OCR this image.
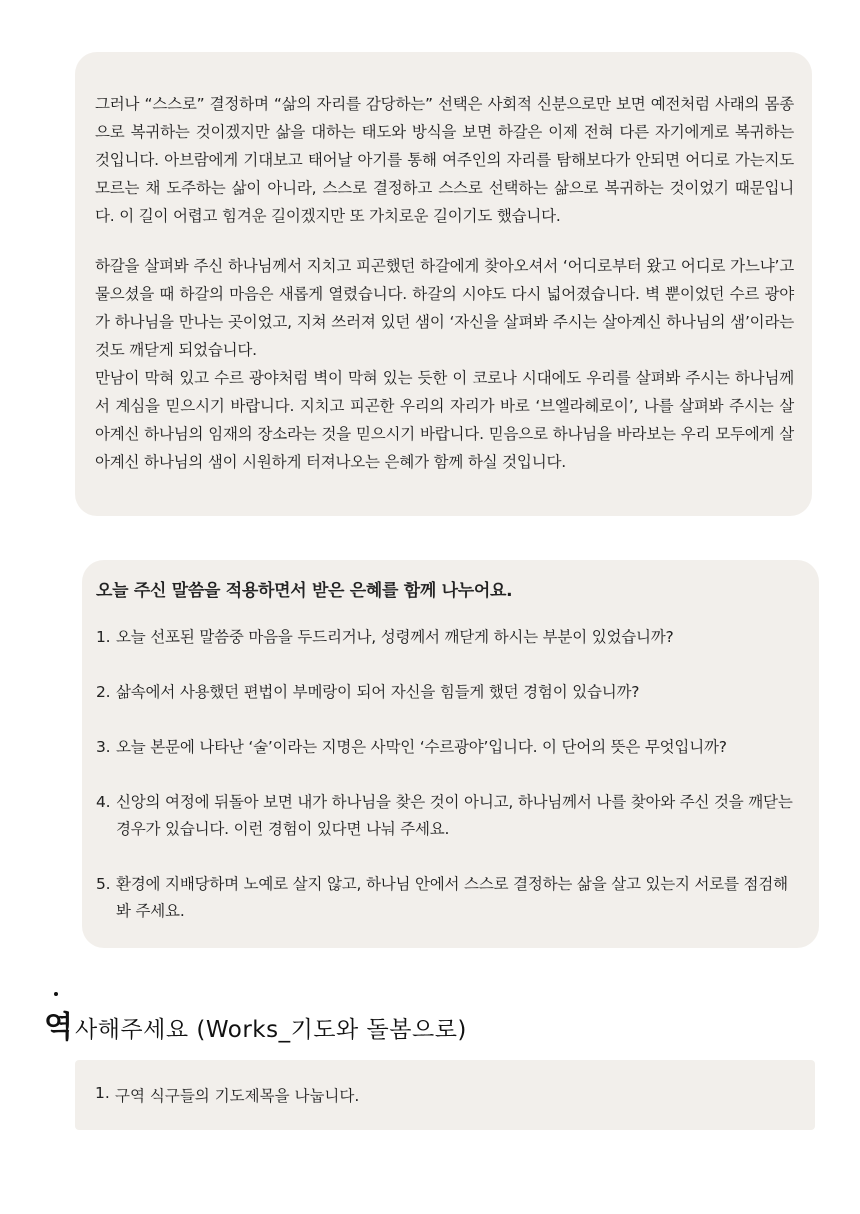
그러나 “스스로” 결정하며 “삶의 자리를 감당하는” 선택은 사회적 신분으로만 보면 예전처럼 사래의 몸종으로 복귀하는 것이겠지만 삶을 대하는 태도와 방식을 보면 하갈은 이제 전혀 다른 자기에게로 복귀하는 것입니다. 아브람에게 기대보고 태어날 아기를 통해 여주인의 자리를 탐해보다가 안되면 어디로 가는지도 모르는 채 도주하는 삶이 아니라, 스스로 결정하고 스스로 선택하는 삶으로 복귀하는 것이었기 때문입니다. 이 길이 어렵고 힘겨운 길이겠지만 또 가치로운 길이기도 했습니다.

하갈을 살펴봐 주신 하나님께서 지치고 피곤했던 하갈에게 찾아오셔서 ‘어디로부터 왔고 어디로 가느냐’고 물으셨을 때 하갈의 마음은 새롭게 열렸습니다. 하갈의 시야도 다시 넓어졌습니다. 벽 뿐이었던 수르 광야가 하나님을 만나는 곳이었고, 지쳐 쓰러져 있던 샘이 ‘자신을 살펴봐 주시는 살아계신 하나님의 샘’이라는 것도 깨닫게 되었습니다.

만남이 막혀 있고 수르 광야처럼 벽이 막혀 있는 듯한 이 코로나 시대에도 우리를 살펴봐 주시는 하나님께서 계심을 믿으시기 바랍니다. 지치고 피곤한 우리의 자리가 바로 ‘브엘라헤로이’, 나를 살펴봐 주시는 살아계신 하나님의 임재의 장소라는 것을 믿으시기 바랍니다. 믿음으로 하나님을 바라보는 우리 모두에게 살아계신 하나님의 샘이 시원하게 터져나오는 은혜가 함께 하실 것입니다.

오늘 주신 말씀을 적용하면서 받은 은혜를 함께 나누어요.

1. 오늘 선포된 말씀중 마음을 두드리거나, 성령께서 깨닫게 하시는 부분이 있었습니까?
2. 삶속에서 사용했던 편법이 부메랑이 되어 자신을 힘들게 했던 경험이 있습니까?
3. 오늘 본문에 나타난 ‘술’이라는 지명은 사막인 ‘수르광야’입니다. 이 단어의 뜻은 무엇입니까?
4. 신앙의 여정에 뒤돌아 보면 내가 하나님을 찾은 것이 아니고, 하나님께서 나를 찾아와 주신 것을 깨닫는 경우가 있습니다. 이런 경험이 있다면 나눠 주세요.
5. 환경에 지배당하며 노예로 살지 않고, 하나님 안에서 스스로 결정하는 삶을 살고 있는지 서로를 점검해봐 주세요.
역 사해주세요 (Works_기도와 돌봄으로)
1. 구역 식구들의 기도제목을 나눕니다.
